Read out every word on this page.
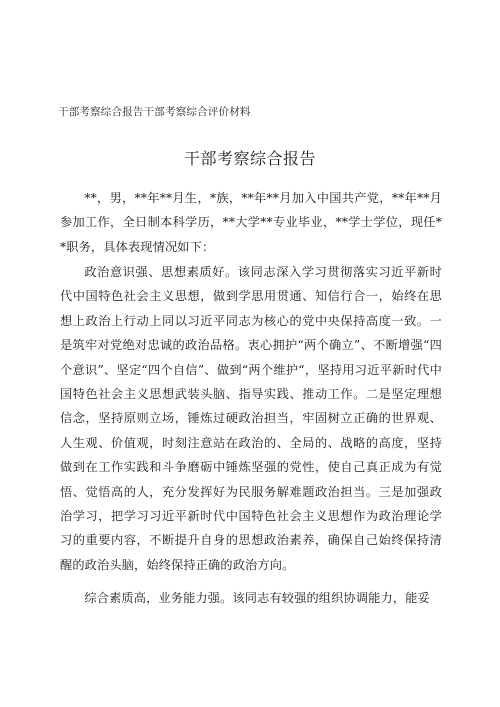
干部考察综合报告干部考察综合评价材料
干部考察综合报告

**，男，**年**月生，*族，**年**月加入中国共产党，**年**月参加工作，全日制本科学历，**大学**专业毕业，**学士学位，现任**职务，具体表现情况如下：

政治意识强、思想素质好。该同志深入学习贯彻落实习近平新时代中国特色社会主义思想，做到学思用贯通、知信行合一，始终在思想上政治上行动上同以习近平同志为核心的党中央保持高度一致。一是筑牢对党绝对忠诚的政治品格。衷心拥护“两个确立”、不断增强“四个意识”、坚定“四个自信”、做到“两个维护“，坚持用习近平新时代中国特色社会主义思想武装头脑、指导实践、推动工作。二是坚定理想信念，坚持原则立场，锤炼过硬政治担当，牢固树立正确的世界观、人生观、价值观，时刻注意站在政治的、全局的、战略的高度，坚持做到在工作实践和斗争磨砺中锤炼坚强的党性，使自己真正成为有觉悟、觉悟高的人，充分发挥好为民服务解难题政治担当。三是加强政治学习，把学习习近平新时代中国特色社会主义思想作为政治理论学习的重要内容，不断提升自身的思想政治素养，确保自己始终保持清醒的政治头脑，始终保持正确的政治方向。

综合素质高，业务能力强。该同志有较强的组织协调能力，能妥
